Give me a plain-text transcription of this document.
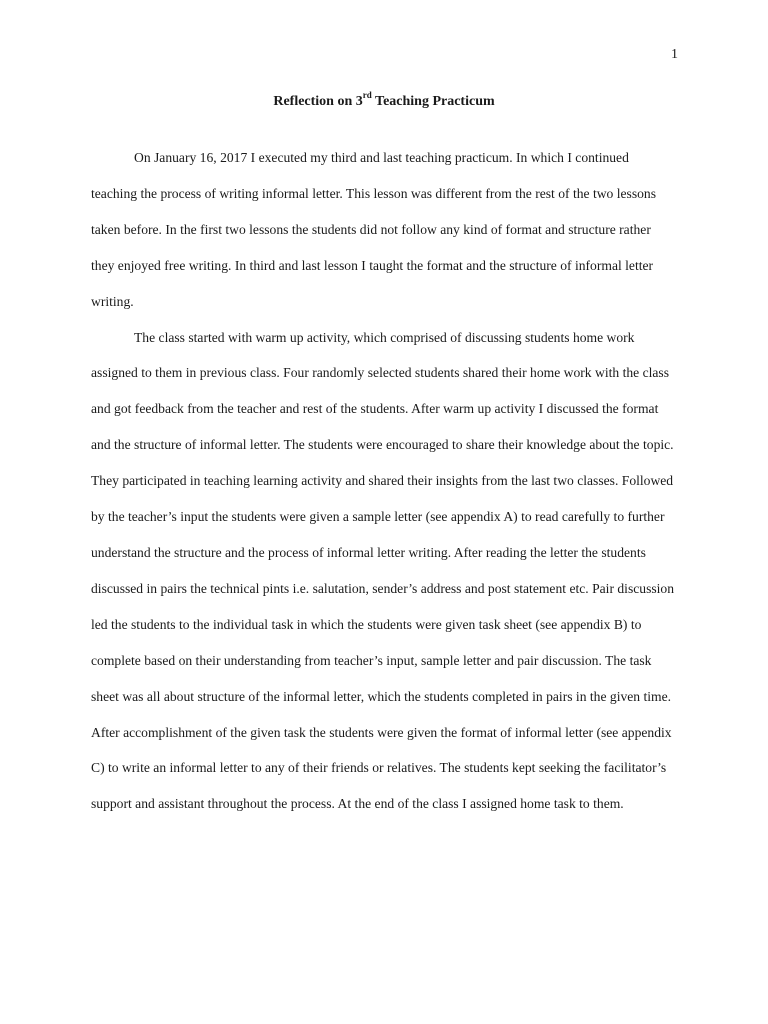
1
Reflection on 3rd Teaching Practicum

On January 16, 2017 I executed my third and last teaching practicum. In which I continued teaching the process of writing informal letter. This lesson was different from the rest of the two lessons taken before. In the first two lessons the students did not follow any kind of format and structure rather they enjoyed free writing. In third and last lesson I taught the format and the structure of informal letter writing.

The class started with warm up activity, which comprised of discussing students home work assigned to them in previous class. Four randomly selected students shared their home work with the class and got feedback from the teacher and rest of the students. After warm up activity I discussed the format and the structure of informal letter. The students were encouraged to share their knowledge about the topic. They participated in teaching learning activity and shared their insights from the last two classes. Followed by the teacher’s input the students were given a sample letter (see appendix A) to read carefully to further understand the structure and the process of informal letter writing. After reading the letter the students discussed in pairs the technical pints i.e. salutation, sender’s address and post statement etc. Pair discussion led the students to the individual task in which the students were given task sheet (see appendix B) to complete based on their understanding from teacher’s input, sample letter and pair discussion. The task sheet was all about structure of the informal letter, which the students completed in pairs in the given time. After accomplishment of the given task the students were given the format of informal letter (see appendix C) to write an informal letter to any of their friends or relatives. The students kept seeking the facilitator’s support and assistant throughout the process. At the end of the class I assigned home task to them.
